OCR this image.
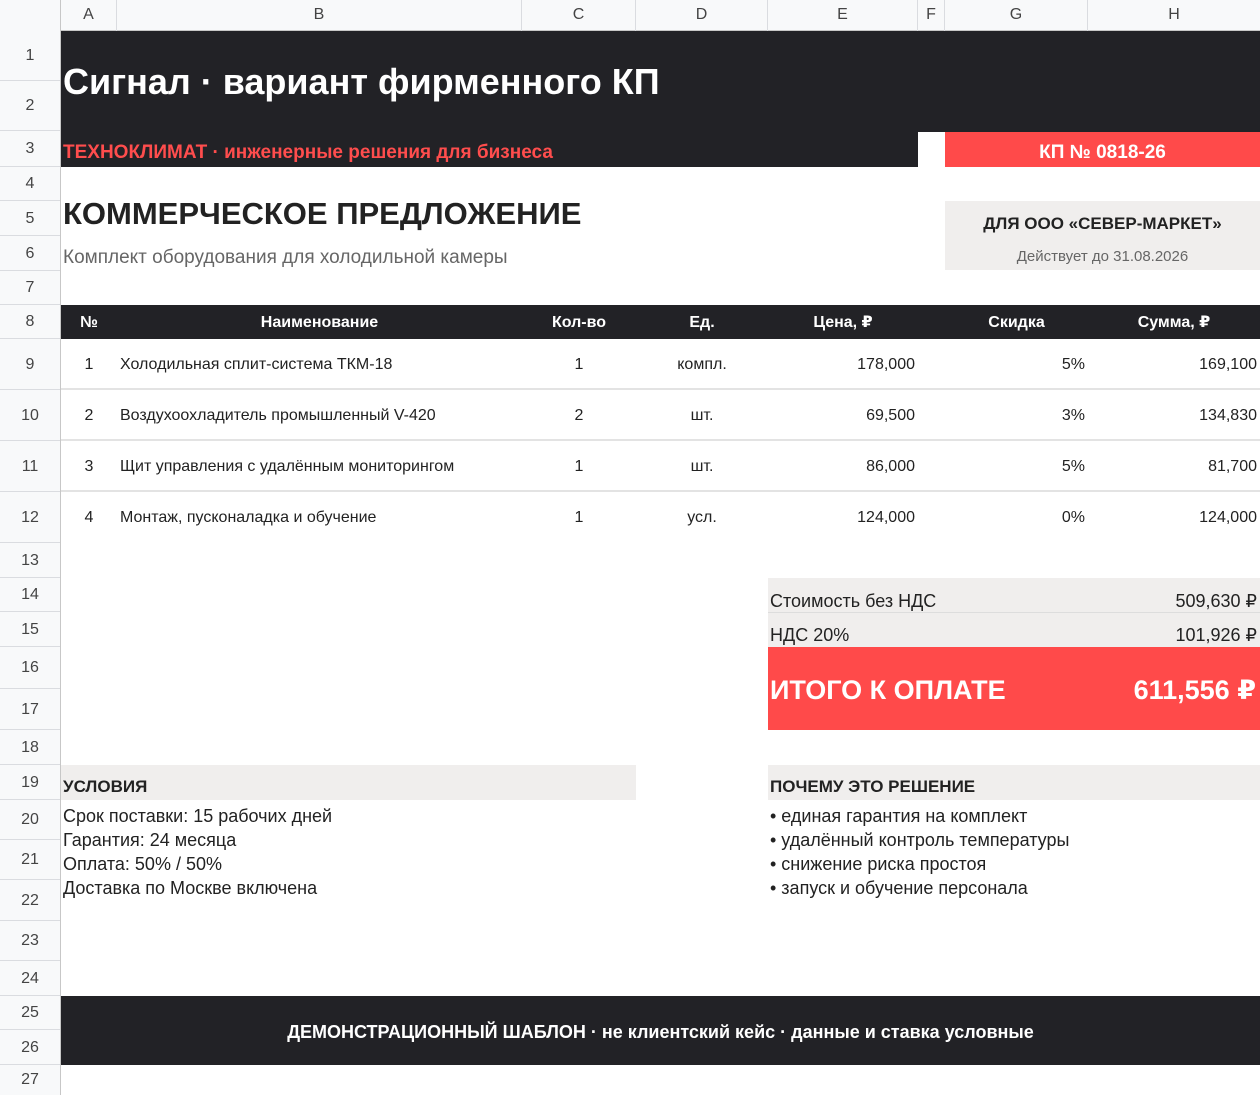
A	B	C	D	E	F	G	H
1
2
3
4
5
6
7
8
9
10
11
12
13
14
15
16
17
18
19
20
21
22
23
24
25
26
27
Сигнал · вариант фирменного КП
ТЕХНОКЛИМАТ · инженерные решения для бизнеса	КП № 0818-26
КОММЕРЧЕСКОЕ ПРЕДЛОЖЕНИЕ
Комплект оборудования для холодильной камеры
ДЛЯ ООО «СЕВЕР-МАРКЕТ»
Действует до 31.08.2026
№	Наименование	Кол-во	Ед.	Цена, ₽	Скидка	Сумма, ₽
1	Холодильная сплит-система ТКМ-18	1	компл.	178,000	5%	169,100
2	Воздухоохладитель промышленный V-420	2	шт.	69,500	3%	134,830
3	Щит управления с удалённым мониторингом	1	шт.	86,000	5%	81,700
4	Монтаж, пусконаладка и обучение	1	усл.	124,000	0%	124,000
Стоимость без НДС	509,630 ₽
НДС 20%	101,926 ₽
ИТОГО К ОПЛАТЕ	611,556 ₽
УСЛОВИЯ
Срок поставки: 15 рабочих дней
Гарантия: 24 месяца
Оплата: 50% / 50%
Доставка по Москве включена
ПОЧЕМУ ЭТО РЕШЕНИЕ
• единая гарантия на комплект
• удалённый контроль температуры
• снижение риска простоя
• запуск и обучение персонала
ДЕМОНСТРАЦИОННЫЙ ШАБЛОН · не клиентский кейс · данные и ставка условные
